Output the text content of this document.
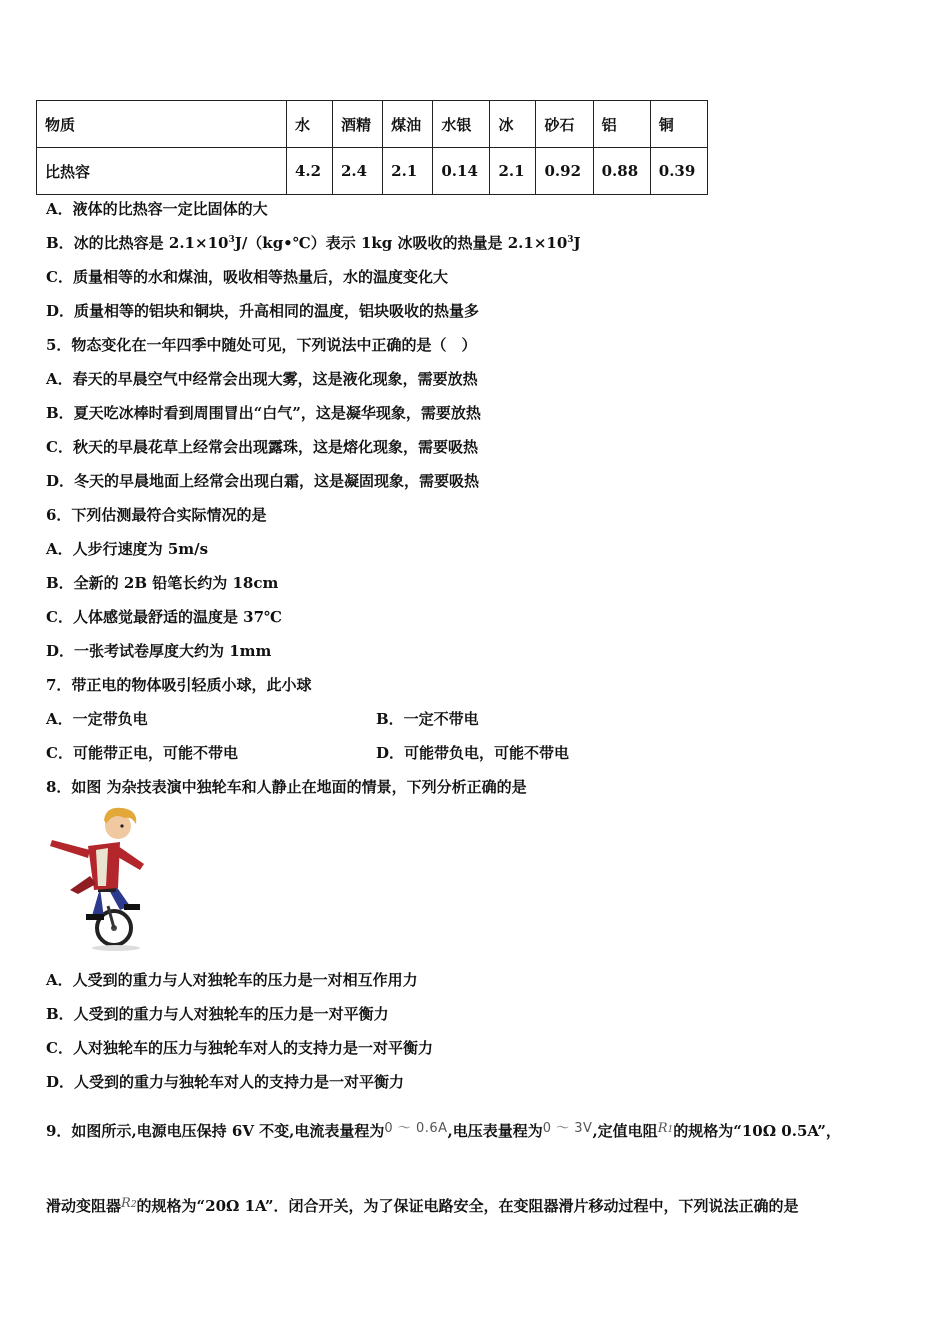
物质	水	酒精	煤油	水银	冰	砂石	铝	铜
比热容	4.2	2.4	2.1	0.14	2.1	0.92	0.88	0.39
A．液体的比热容一定比固体的大
B．冰的比热容是 $2.1\times 10^3J/(kg•℃)$表示 1kg 冰吸收的热量是 $2.1\times 10^3J$
C．质量相等的水和煤油，吸收相等热量后，水的温度变化大
D．质量相等的铝块和铜块，升高相同的温度，铝块吸收的热量多
5．物态变化在一年四季中随处可见，下列说法中正确的是（　）
A．春天的早晨空气中经常会出现大雾，这是液化现象，需要放热
B．夏天吃冰棒时看到周围冒出“白气”，这是凝华现象，需要放热
C．秋天的早晨花草上经常会出现露珠，这是熔化现象，需要吸热
D．冬天的早晨地面上经常会出现白霜，这是凝固现象，需要吸热
6．下列估测最符合实际情况的是
A．人步行速度为 5m/s
B．全新的 2B 铅笔长约为 18cm
C．人体感觉最舒适的温度是 37℃
D．一张考试卷厚度大约为 1mm
7．带正电的物体吸引轻质小球，此小球
A．一定带负电	B．一定不带电
C．可能带正电，可能不带电	D．可能带负电，可能不带电
8．如图 为杂技表演中独轮车和人静止在地面的情景，下列分析正确的是
A．人受到的重力与人对独轮车的压力是一对相互作用力
B．人受到的重力与人对独轮车的压力是一对平衡力
C．人对独轮车的压力与独轮车对人的支持力是一对平衡力
D．人受到的重力与独轮车对人的支持力是一对平衡力
9．如图所示,电源电压保持 6V 不变,电流表量程为0 ～ 0.6A,电压表量程为0 ～ 3V,定值电阻R1的规格为“10Ω 0.5A”，
滑动变阻器R2的规格为“20Ω 1A”．闭合开关，为了保证电路安全，在变阻器滑片移动过程中，下列说法正确的是
